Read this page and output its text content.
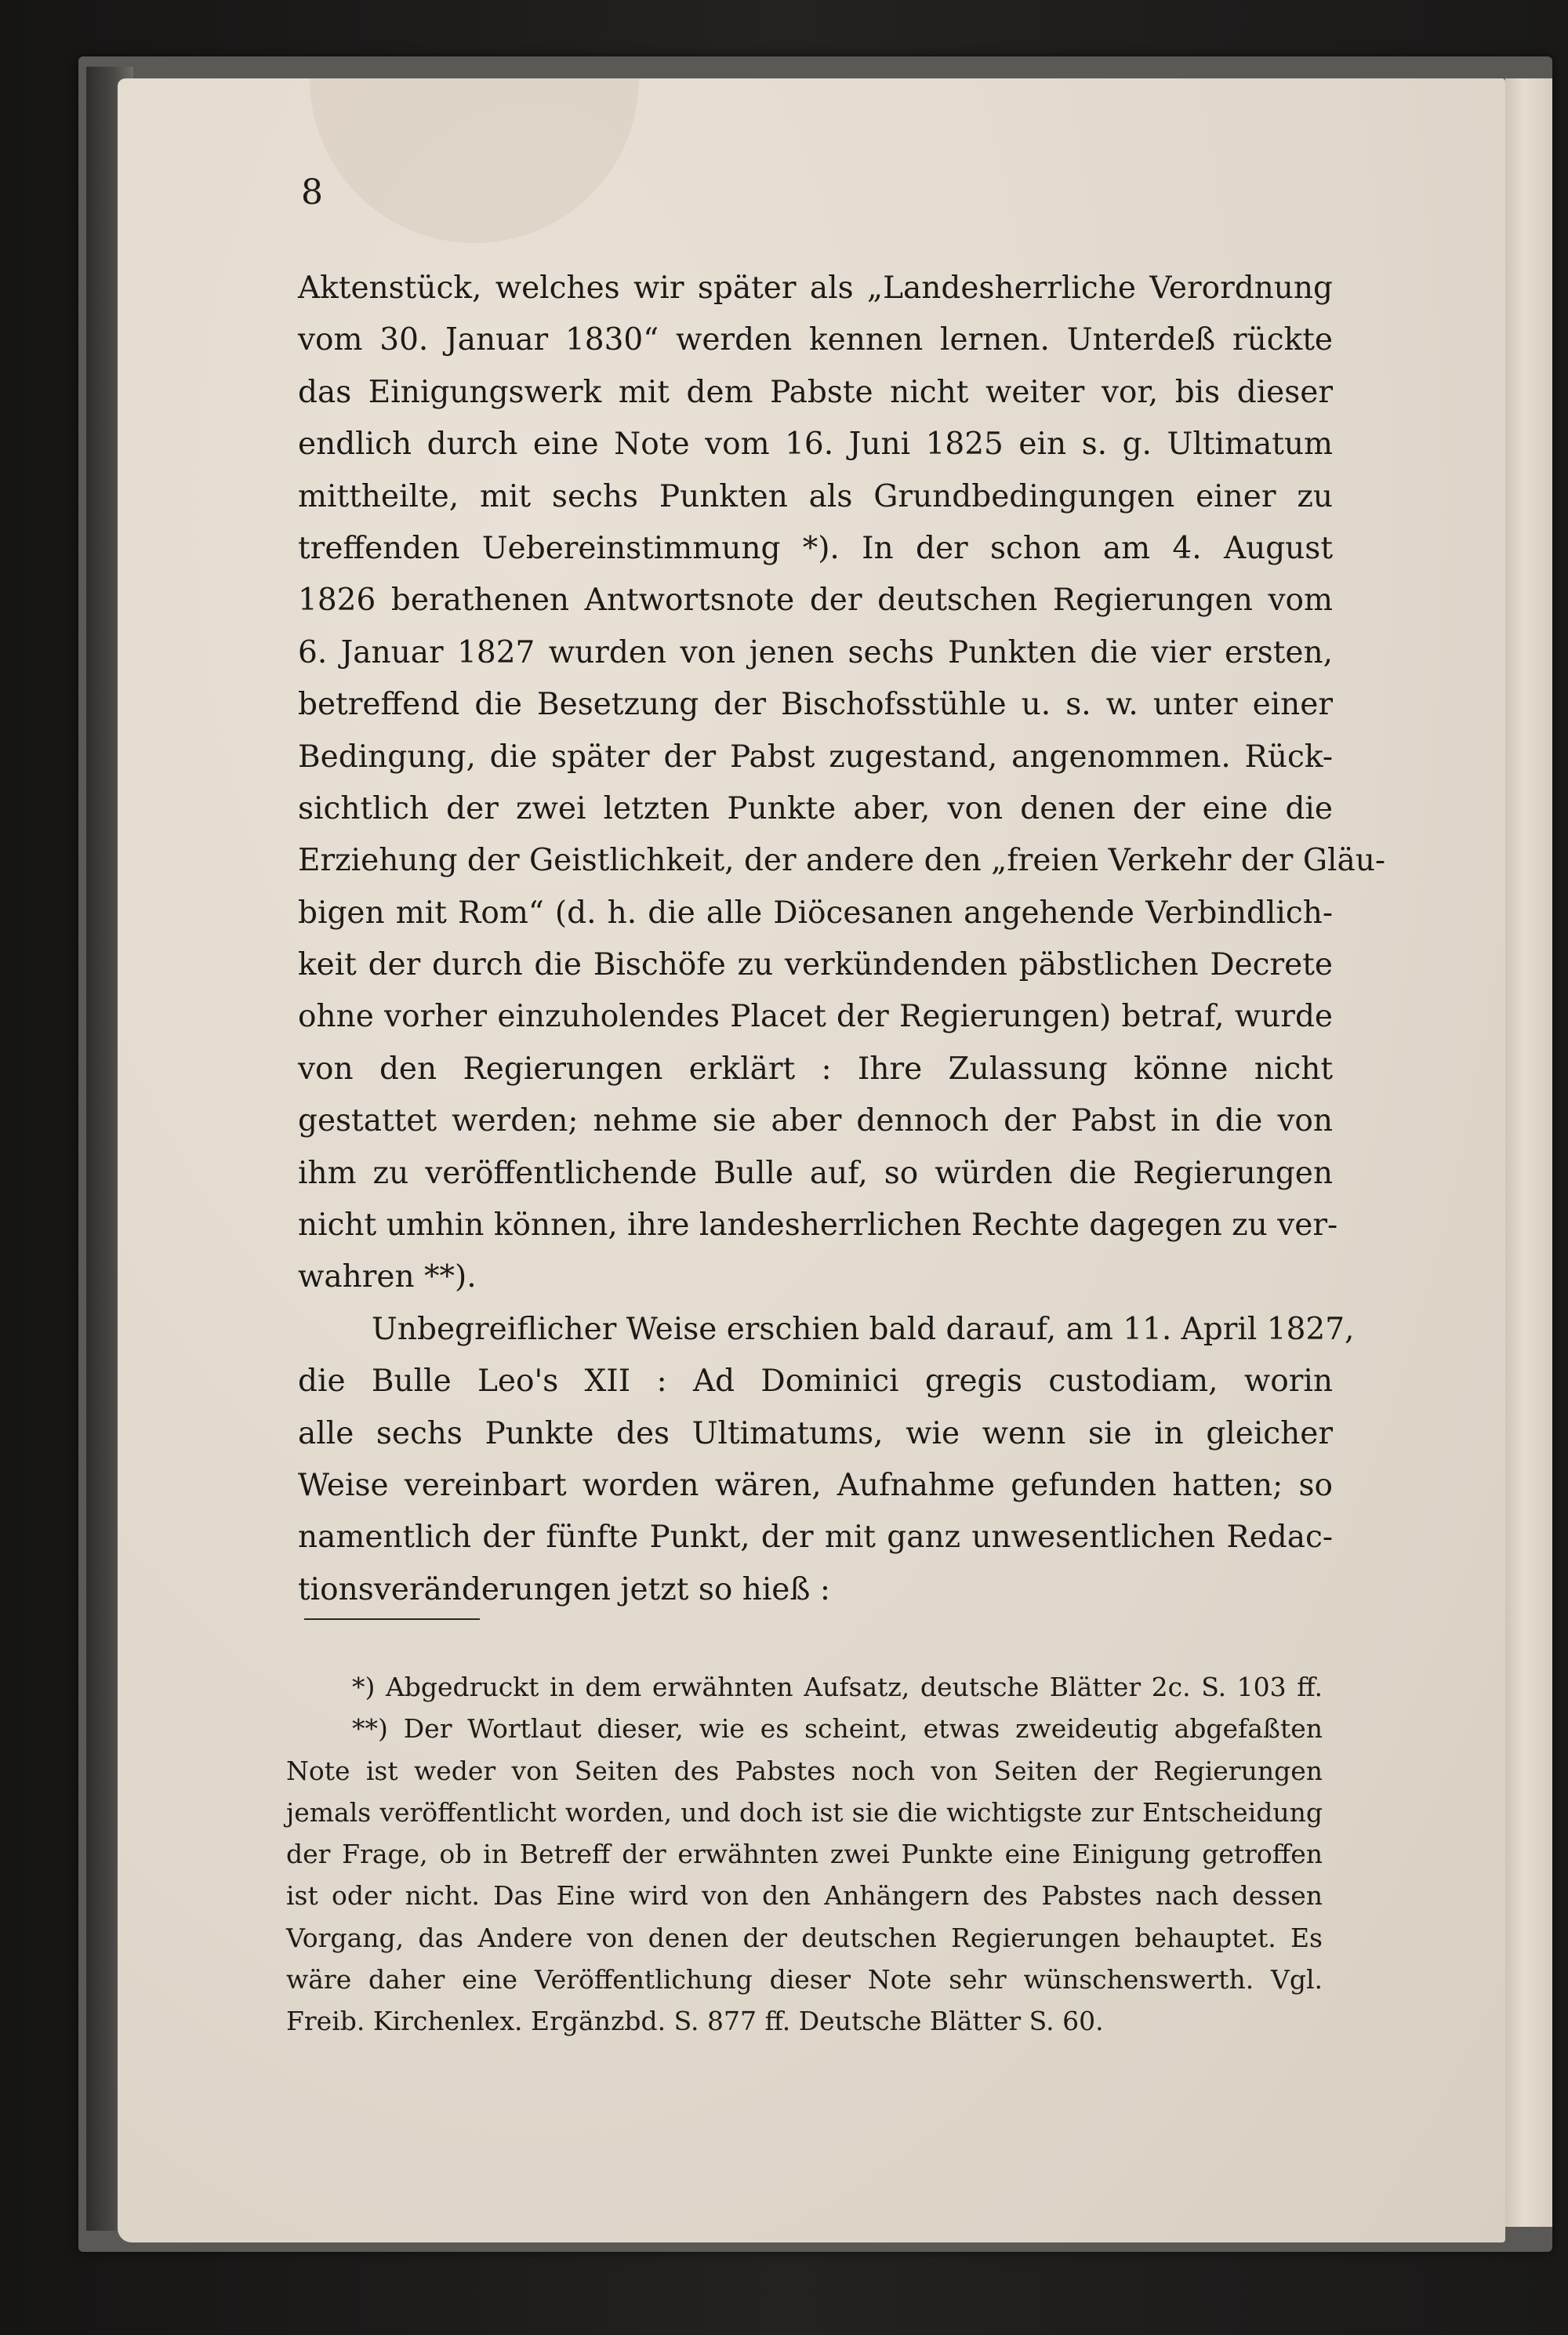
8
Aktenstück, welches wir später als „Landesherrliche Verordnung
vom 30. Januar 1830“ werden kennen lernen. Unterdeß rückte
das Einigungswerk mit dem Pabste nicht weiter vor, bis dieser
endlich durch eine Note vom 16. Juni 1825 ein s. g. Ultimatum
mittheilte, mit sechs Punkten als Grundbedingungen einer zu
treffenden Uebereinstimmung *). In der schon am 4. August
1826 berathenen Antwortsnote der deutschen Regierungen vom
6. Januar 1827 wurden von jenen sechs Punkten die vier ersten,
betreffend die Besetzung der Bischofsstühle u. s. w. unter einer
Bedingung, die später der Pabst zugestand, angenommen. Rück-
sichtlich der zwei letzten Punkte aber, von denen der eine die
Erziehung der Geistlichkeit, der andere den „freien Verkehr der Gläu-
bigen mit Rom“ (d. h. die alle Diöcesanen angehende Verbindlich-
keit der durch die Bischöfe zu verkündenden päbstlichen Decrete
ohne vorher einzuholendes Placet der Regierungen) betraf, wurde
von den Regierungen erklärt : Ihre Zulassung könne nicht
gestattet werden; nehme sie aber dennoch der Pabst in die von
ihm zu veröffentlichende Bulle auf, so würden die Regierungen
nicht umhin können, ihre landesherrlichen Rechte dagegen zu ver-
wahren **).
Unbegreiflicher Weise erschien bald darauf, am 11. April 1827,
die Bulle Leo's XII : Ad Dominici gregis custodiam, worin
alle sechs Punkte des Ultimatums, wie wenn sie in gleicher
Weise vereinbart worden wären, Aufnahme gefunden hatten; so
namentlich der fünfte Punkt, der mit ganz unwesentlichen Redac-
tionsveränderungen jetzt so hieß :
*) Abgedruckt in dem erwähnten Aufsatz, deutsche Blätter 2c. S. 103 ff.
**) Der Wortlaut dieser, wie es scheint, etwas zweideutig abgefaßten
Note ist weder von Seiten des Pabstes noch von Seiten der Regierungen
jemals veröffentlicht worden, und doch ist sie die wichtigste zur Entscheidung
der Frage, ob in Betreff der erwähnten zwei Punkte eine Einigung getroffen
ist oder nicht. Das Eine wird von den Anhängern des Pabstes nach dessen
Vorgang, das Andere von denen der deutschen Regierungen behauptet. Es
wäre daher eine Veröffentlichung dieser Note sehr wünschenswerth. Vgl.
Freib. Kirchenlex. Ergänzbd. S. 877 ff. Deutsche Blätter S. 60.
